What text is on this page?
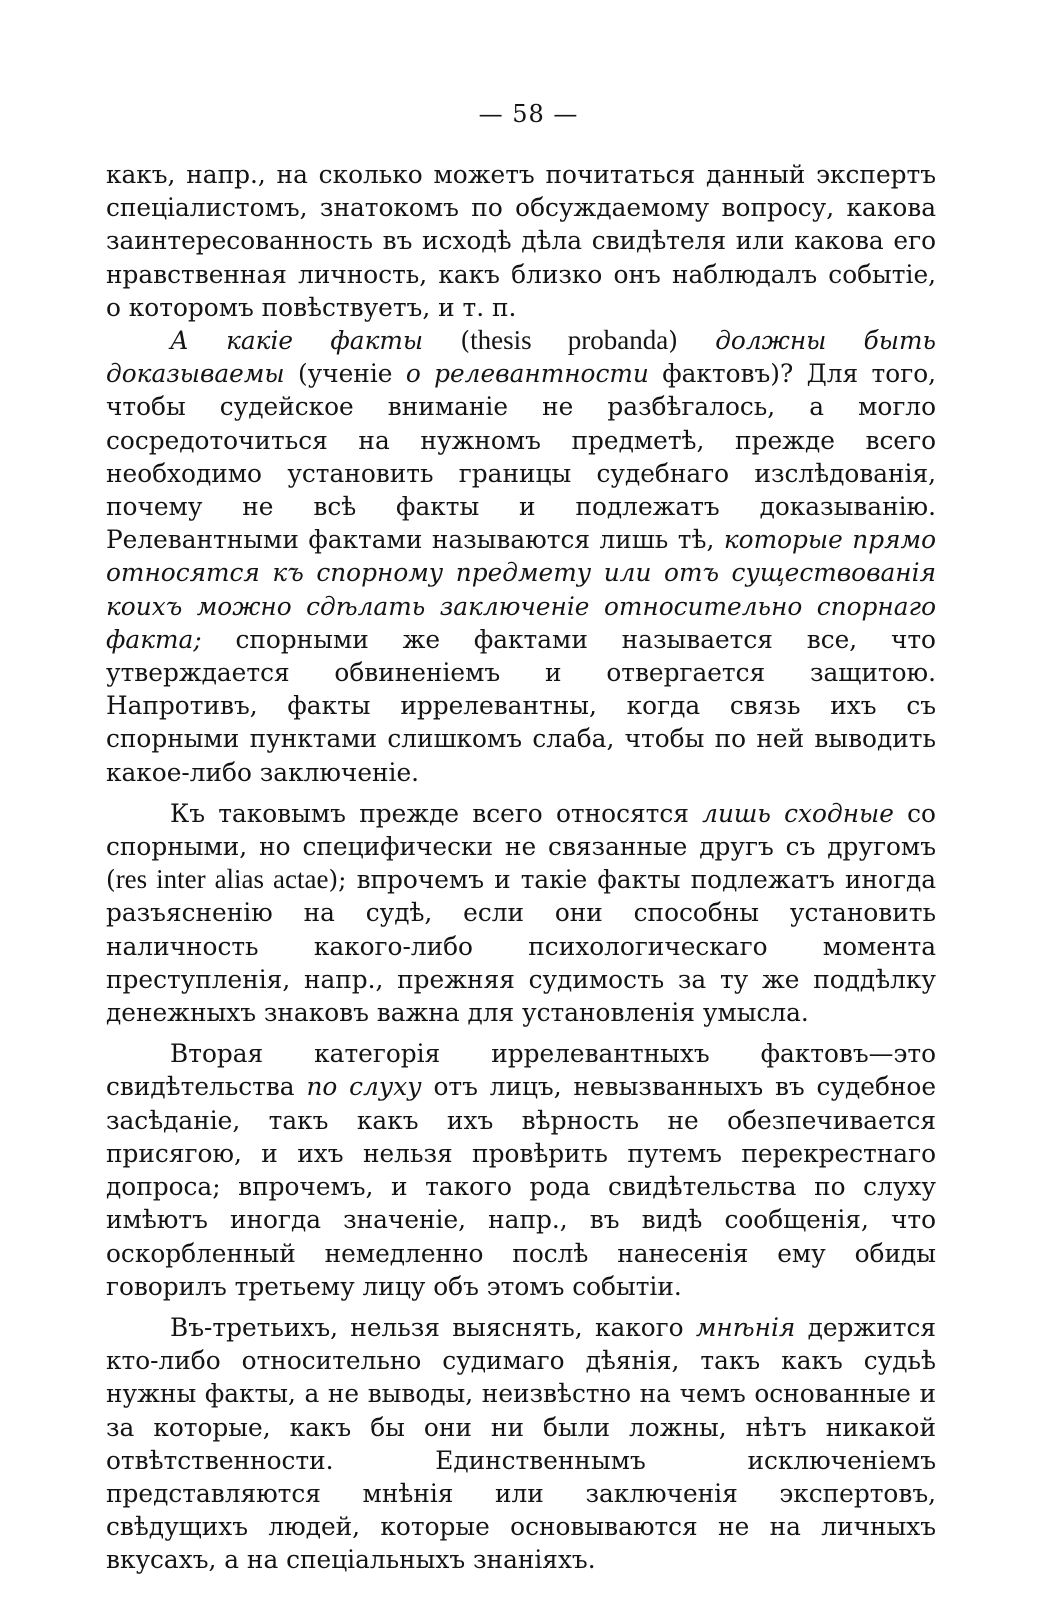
— 58 —

какъ, напр., на сколько можетъ почитаться данный экспертъ спеціалистомъ, знатокомъ по обсуждаемому вопросу, какова заинтересованность въ исходѣ дѣла свидѣтеля или какова его нравственная личность, какъ близко онъ наблюдалъ событіе, о которомъ повѣствуетъ, и т. п.

А какіе факты (thesis probanda) должны быть доказываемы (ученіе о релевантности фактовъ)? Для того, чтобы судейское вниманіе не разбѣгалось, а могло сосредоточиться на нужномъ предметѣ, прежде всего необходимо установить границы судебнаго изслѣдованія, почему не всѣ факты и подлежатъ доказыванію. Релевантными фактами называются лишь тѣ, которые прямо относятся къ спорному предмету или отъ существованія коихъ можно сдѣлать заключеніе относительно спорнаго факта; спорными же фактами называется все, что утверждается обвиненіемъ и отвергается защитою. Напротивъ, факты иррелевантны, когда связь ихъ съ спорными пунктами слишкомъ слаба, чтобы по ней выводить какое-либо заключеніе.

Къ таковымъ прежде всего относятся лишь сходные со спорными, но специфически не связанные другъ съ другомъ (res inter alias actae); впрочемъ и такіе факты подлежатъ иногда разъясненію на судѣ, если они способны установить наличность какого-либо психологическаго момента преступленія, напр., прежняя судимость за ту же поддѣлку денежныхъ знаковъ важна для установленія умысла.

Вторая категорія иррелевантныхъ фактовъ—это свидѣтельства по слуху отъ лицъ, невызванныхъ въ судебное засѣданіе, такъ какъ ихъ вѣрность не обезпечивается присягою, и ихъ нельзя провѣрить путемъ перекрестнаго допроса; впрочемъ, и такого рода свидѣтельства по слуху имѣютъ иногда значеніе, напр., въ видѣ сообщенія, что оскорбленный немедленно послѣ нанесенія ему обиды говорилъ третьему лицу объ этомъ событіи.

Въ-третьихъ, нельзя выяснять, какого мнѣнія держится кто-либо относительно судимаго дѣянія, такъ какъ судьѣ нужны факты, а не выводы, неизвѣстно на чемъ основанные и за которые, какъ бы они ни были ложны, нѣтъ никакой отвѣтственности. Единственнымъ исключеніемъ представляются мнѣнія или заключенія экспертовъ, свѣдущихъ людей, которые основываются не на личныхъ вкусахъ, а на спеціальныхъ знаніяхъ.
